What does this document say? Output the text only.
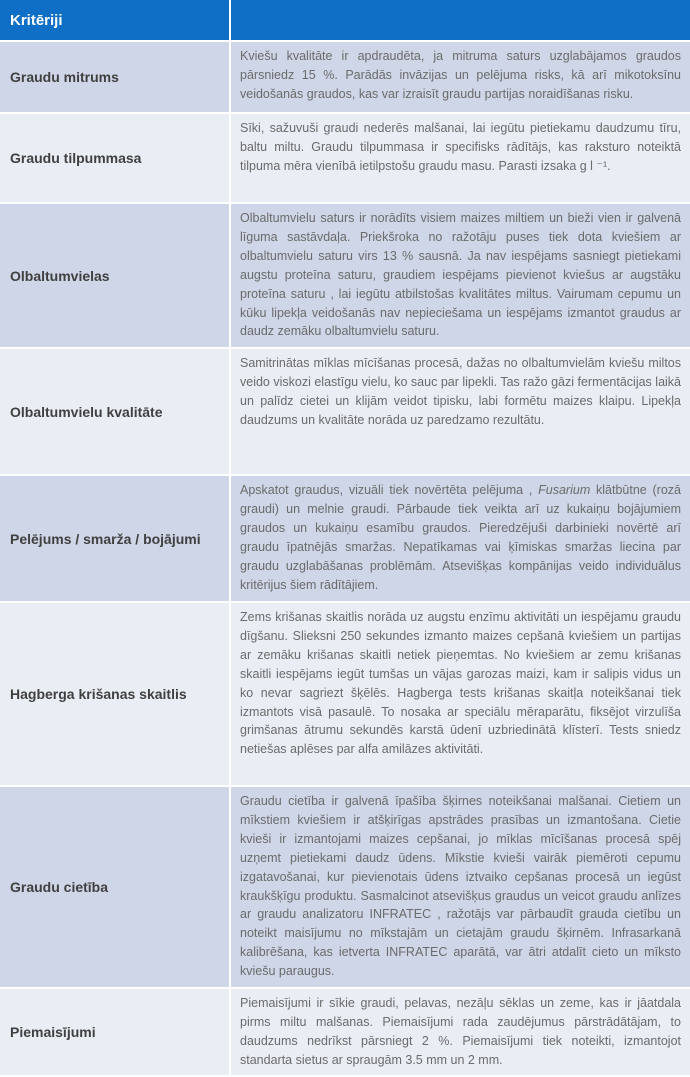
Kritēriji
Graudu mitrums
Kviešu kvalitāte ir apdraudēta, ja mitruma saturs uzglabājamos graudos pārsniedz 15 %. Parādās invāzijas un pelējuma risks, kā arī mikotoksīnu veidošanās graudos, kas var izraisīt graudu partijas noraidīšanas risku.
Graudu tilpummasa
Sīki, sažuvuši graudi nederēs malšanai, lai iegūtu pietiekamu daudzumu tīru, baltu miltu. Graudu tilpummasa ir specifisks rādītājs, kas raksturo noteiktā tilpuma mēra vienībā ietilpstošu graudu masu. Parasti izsaka g l ⁻¹.
Olbaltumvielas
Olbaltumvielu saturs ir norādīts visiem maizes miltiem un bieži vien ir galvenā līguma sastāvdaļa. Priekšroka no ražotāju puses tiek dota kviešiem ar olbaltumvielu saturu virs 13 % sausnā. Ja nav iespējams sasniegt pietiekami augstu proteīna saturu, graudiem iespējams pievienot kviešus ar augstāku proteīna saturu , lai iegūtu atbilstošas kvalitātes miltus. Vairumam cepumu un kūku lipekļa veidošanās nav nepieciešama un iespējams izmantot graudus ar daudz zemāku olbaltumvielu saturu.
Olbaltumvielu kvalitāte
Samitrinātas mīklas mīcīšanas procesā, dažas no olbaltumvielām kviešu miltos veido viskozi elastīgu vielu, ko sauc par lipekli. Tas ražo gāzi fermentācijas laikā un palīdz cietei un klijām veidot tipisku, labi formētu maizes klaipu. Lipekļa daudzums un kvalitāte norāda uz paredzamo rezultātu.
Pelējums / smarža / bojājumi
Apskatot graudus, vizuāli tiek novērtēta pelējuma , Fusarium klātbūtne (rozā graudi) un melnie graudi. Pārbaude tiek veikta arī uz kukaiņu bojājumiem graudos un kukaiņu esamību graudos. Pieredzējuši darbinieki novērtē arī graudu īpatnējās smaržas. Nepatīkamas vai ķīmiskas smaržas liecina par graudu uzglabāšanas problēmām. Atsevišķas kompānijas veido individuālus kritērijus šiem rādītājiem.
Hagberga krišanas skaitlis
Zems krišanas skaitlis norāda uz augstu enzīmu aktivitāti un iespējamu graudu dīgšanu. Slieksni 250 sekundes izmanto maizes cepšanā kviešiem un partijas ar zemāku krišanas skaitli netiek pieņemtas. No kviešiem ar zemu krišanas skaitli iespējams iegūt tumšas un vājas garozas maizi, kam ir salipis vidus un ko nevar sagriezt šķēlēs. Hagberga tests krišanas skaitļa noteikšanai tiek izmantots visā pasaulē. To nosaka ar speciālu mēraparātu, fiksējot virzulīša grimšanas ātrumu sekundēs karstā ūdenī uzbriedinātā klīsterī. Tests sniedz netiešas aplēses par alfa amilāzes aktivitāti.
Graudu cietība
Graudu cietība ir galvenā īpašība šķirnes noteikšanai malšanai. Cietiem un mīkstiem kviešiem ir atšķirīgas apstrādes prasības un izmantošana. Cietie kvieši ir izmantojami maizes cepšanai, jo mīklas mīcīšanas procesā spēj uzņemt pietiekami daudz ūdens. Mīkstie kvieši vairāk piemēroti cepumu izgatavošanai, kur pievienotais ūdens iztvaiko cepšanas procesā un iegūst kraukšķīgu produktu. Sasmalcinot atsevišķus graudus un veicot graudu anlīzes ar graudu analizatoru INFRATEC , ražotājs var pārbaudīt grauda cietību un noteikt maisījumu no mīkstajām un cietajām graudu šķirnēm. Infrasarkanā kalibrēšana, kas ietverta INFRATEC aparātā, var ātri atdalīt cieto un mīksto kviešu paraugus.
Piemaisījumi
Piemaisījumi ir sīkie graudi, pelavas, nezāļu sēklas un zeme, kas ir jāatdala pirms miltu malšanas. Piemaisījumi rada zaudējumus pārstrādātājam, to daudzums nedrīkst pārsniegt 2 %. Piemaisījumi tiek noteikti, izmantojot standarta sietus ar spraugām 3.5 mm un 2 mm.
